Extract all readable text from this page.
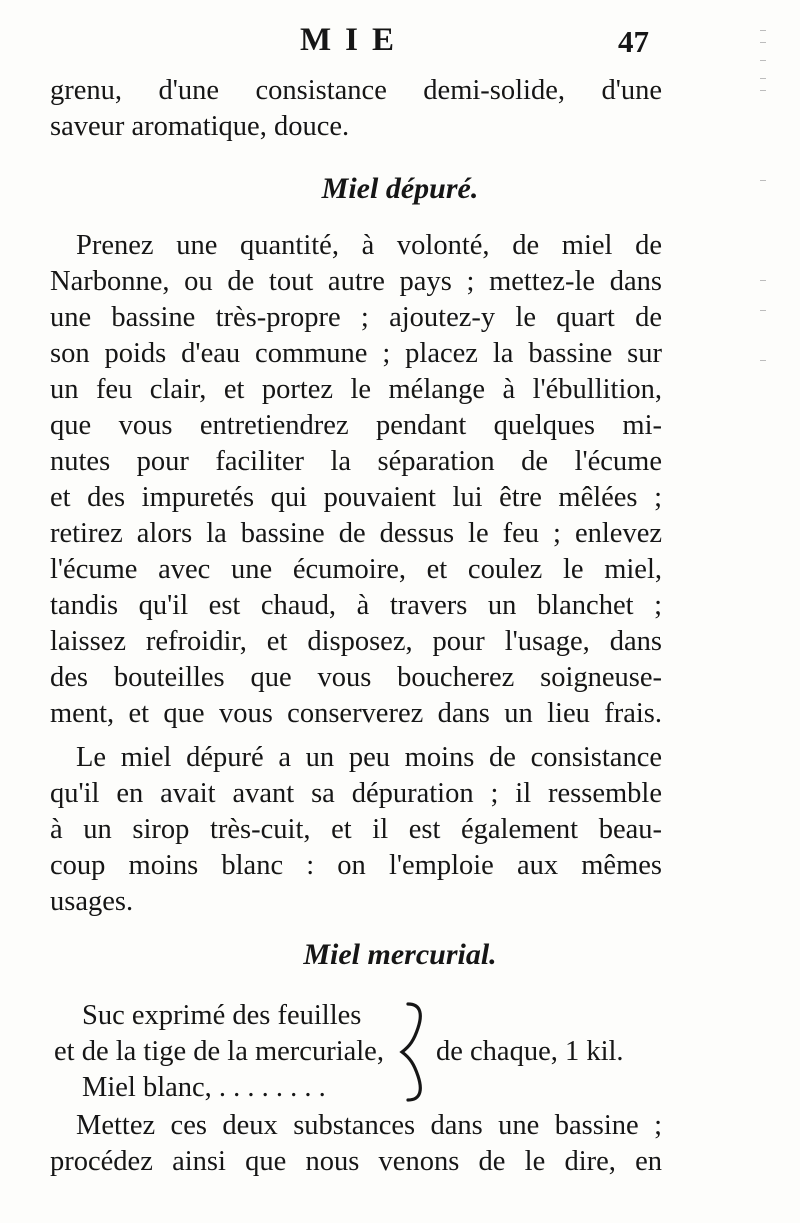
MIE	47
grenu, d'une consistance demi-solide, d'une
saveur aromatique, douce.
Miel dépuré.
Prenez une quantité, à volonté, de miel de
Narbonne, ou de tout autre pays ; mettez-le dans
une bassine très-propre ; ajoutez-y le quart de
son poids d'eau commune ; placez la bassine sur
un feu clair, et portez le mélange à l'ébullition,
que vous entretiendrez pendant quelques mi-
nutes pour faciliter la séparation de l'écume
et des impuretés qui pouvaient lui être mêlées ;
retirez alors la bassine de dessus le feu ; enlevez
l'écume avec une écumoire, et coulez le miel,
tandis qu'il est chaud, à travers un blanchet ;
laissez refroidir, et disposez, pour l'usage, dans
des bouteilles que vous boucherez soigneuse-
ment, et que vous conserverez dans un lieu frais.
Le miel dépuré a un peu moins de consistance
qu'il en avait avant sa dépuration ; il ressemble
à un sirop très-cuit, et il est également beau-
coup moins blanc : on l'emploie aux mêmes
usages.
Miel mercurial.
Suc exprimé des feuilles
et de la tige de la mercuriale,
Miel blanc, . . . . . . . .
de chaque, 1 kil.
Mettez ces deux substances dans une bassine ;
procédez ainsi que nous venons de le dire, en
